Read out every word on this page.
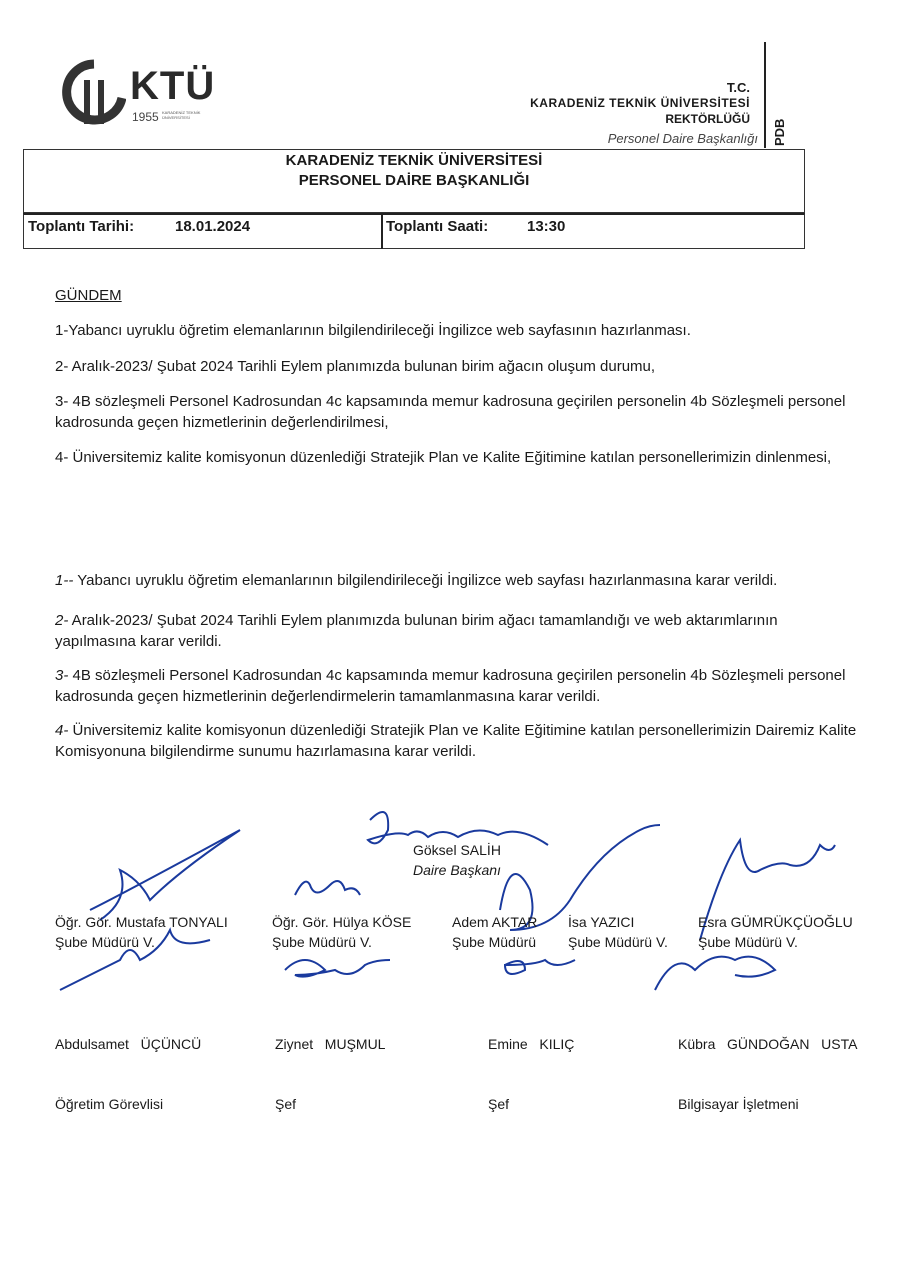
KTÜ
1955 KARADENİZ TEKNİK ÜNİVERSİTESİ
T.C.
KARADENİZ TEKNİK ÜNİVERSİTESİ
REKTÖRLÜĞÜ
Personel Daire Başkanlığı PDB
KARADENİZ TEKNİK ÜNİVERSİTESİ
PERSONEL DAİRE BAŞKANLIĞI
Toplantı Tarihi:	18.01.2024	Toplantı Saati:	13:30
GÜNDEM
1-Yabancı uyruklu öğretim elemanlarının bilgilendirileceği İngilizce web sayfasının hazırlanması.
2- Aralık-2023/ Şubat 2024 Tarihli Eylem planımızda bulunan birim ağacın oluşum durumu,
3- 4B sözleşmeli Personel Kadrosundan 4c kapsamında memur kadrosuna geçirilen personelin 4b Sözleşmeli personel kadrosunda geçen hizmetlerinin değerlendirilmesi,
4- Üniversitemiz kalite komisyonun düzenlediği Stratejik Plan ve Kalite Eğitimine katılan personellerimizin dinlenmesi,
1-- Yabancı uyruklu öğretim elemanlarının bilgilendirileceği İngilizce web sayfası hazırlanmasına karar verildi.
2- Aralık-2023/ Şubat 2024 Tarihli Eylem planımızda bulunan birim ağacı tamamlandığı ve web aktarımlarının yapılmasına karar verildi.
3- 4B sözleşmeli Personel Kadrosundan 4c kapsamında memur kadrosuna geçirilen personelin 4b Sözleşmeli personel kadrosunda geçen hizmetlerinin değerlendirmelerin tamamlanmasına karar verildi.
4- Üniversitemiz kalite komisyonun düzenlediği Stratejik Plan ve Kalite Eğitimine katılan personellerimizin Dairemiz Kalite Komisyonuna bilgilendirme sunumu hazırlamasına karar verildi.
Göksel SALİH
Daire Başkanı
Öğr. Gör. Mustafa TONYALI
Şube Müdürü V.
Öğr. Gör. Hülya KÖSE
Şube Müdürü V.
Adem AKTAR
Şube Müdürü
İsa YAZICI
Şube Müdürü V.
Esra GÜMRÜKÇÜOĞLU
Şube Müdürü V.

Abdulsamet   ÜÇÜNCÜ

Öğretim Görevlisi

Ziynet   MUŞMUL

Şef

Emine   KILIÇ

Şef

Kübra   GÜNDOĞAN   USTA

Bilgisayar İşletmeni
